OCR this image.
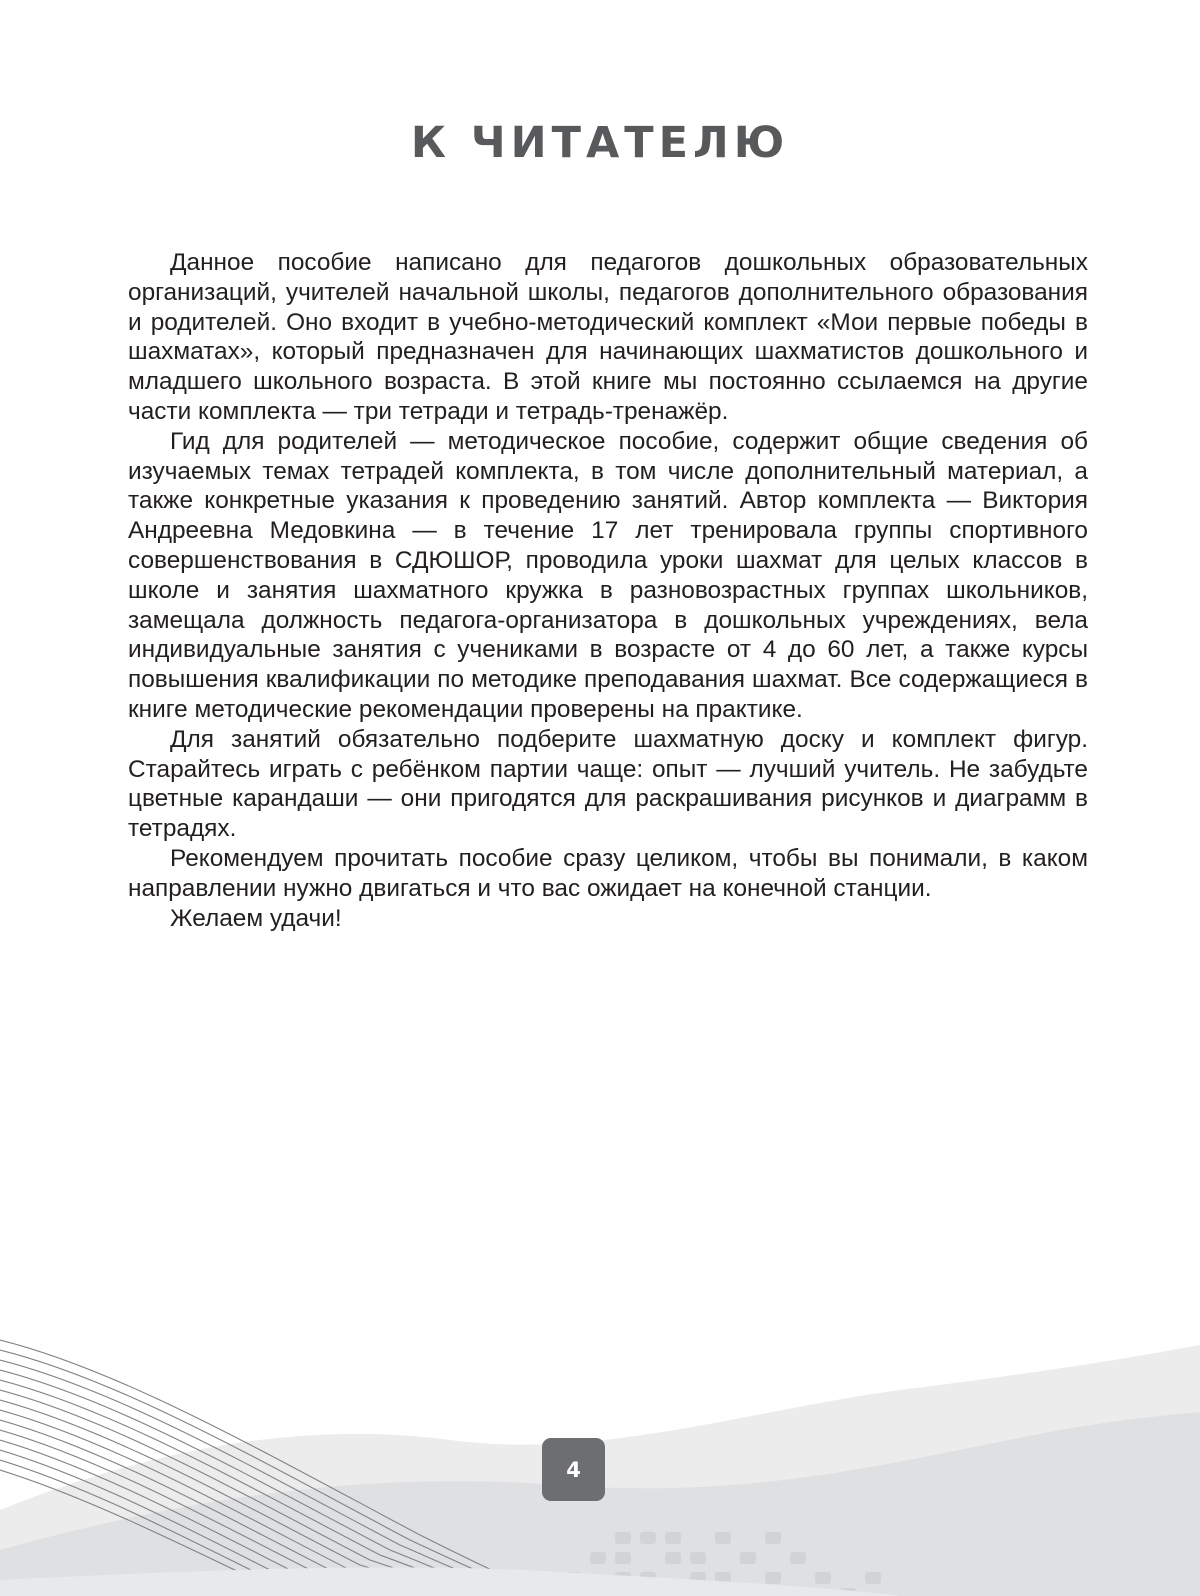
К ЧИТАТЕЛЮ

Данное пособие написано для педагогов дошкольных образовательных организаций, учителей начальной школы, педагогов дополнительного образования и родителей. Оно входит в учебно-методический комплект «Мои первые победы в шахматах», который предназначен для начинающих шахматистов дошкольного и младшего школьного возраста. В этой книге мы постоянно ссылаемся на другие части комплекта — три тетради и тетрадь-тренажёр.

Гид для родителей — методическое пособие, содержит общие сведения об изучаемых темах тетрадей комплекта, в том числе дополнительный материал, а также конкретные указания к проведению занятий. Автор комплекта — Виктория Андреевна Медовкина — в течение 17 лет тренировала группы спортивного совершенствования в СДЮШОР, проводила уроки шахмат для целых классов в школе и занятия шахматного кружка в разновозрастных группах школьников, замещала должность педагога-организатора в дошкольных учреждениях, вела индивидуальные занятия с учениками в возрасте от 4 до 60 лет, а также курсы повышения квалификации по методике преподавания шахмат. Все содержащиеся в книге методические рекомендации проверены на практике.

Для занятий обязательно подберите шахматную доску и комплект фигур. Старайтесь играть с ребёнком партии чаще: опыт — лучший учитель. Не забудьте цветные карандаши — они пригодятся для раскрашивания рисунков и диаграмм в тетрадях.

Рекомендуем прочитать пособие сразу целиком, чтобы вы понимали, в каком направлении нужно двигаться и что вас ожидает на конечной станции.

Желаем удачи!

4
